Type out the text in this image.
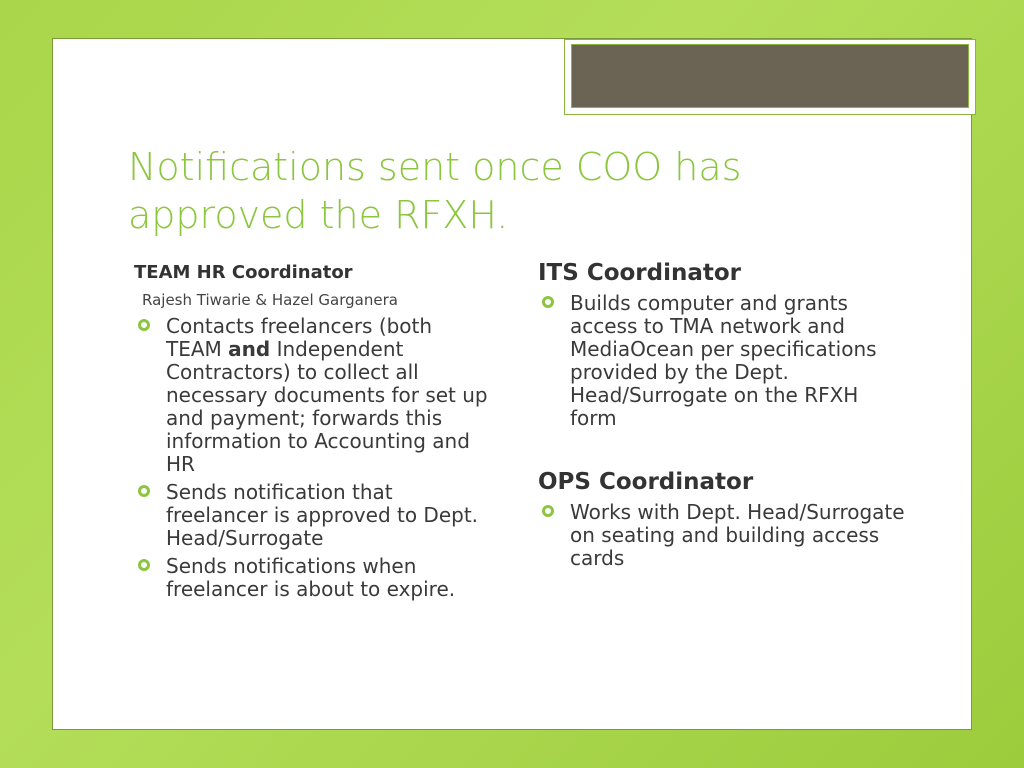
Notifications sent once COO has approved the RFXH.
TEAM HR Coordinator
Rajesh Tiwarie & Hazel Garganera
Contacts freelancers (both TEAM and Independent Contractors) to collect all necessary documents for set up and payment; forwards this information to Accounting and HR
Sends notification that freelancer is approved to Dept. Head/Surrogate
Sends notifications when freelancer is about to expire.
ITS Coordinator
Builds computer and grants access to TMA network and MediaOcean per specifications provided by the Dept. Head/Surrogate on the RFXH form
OPS Coordinator
Works with Dept. Head/Surrogate on seating and building access cards
